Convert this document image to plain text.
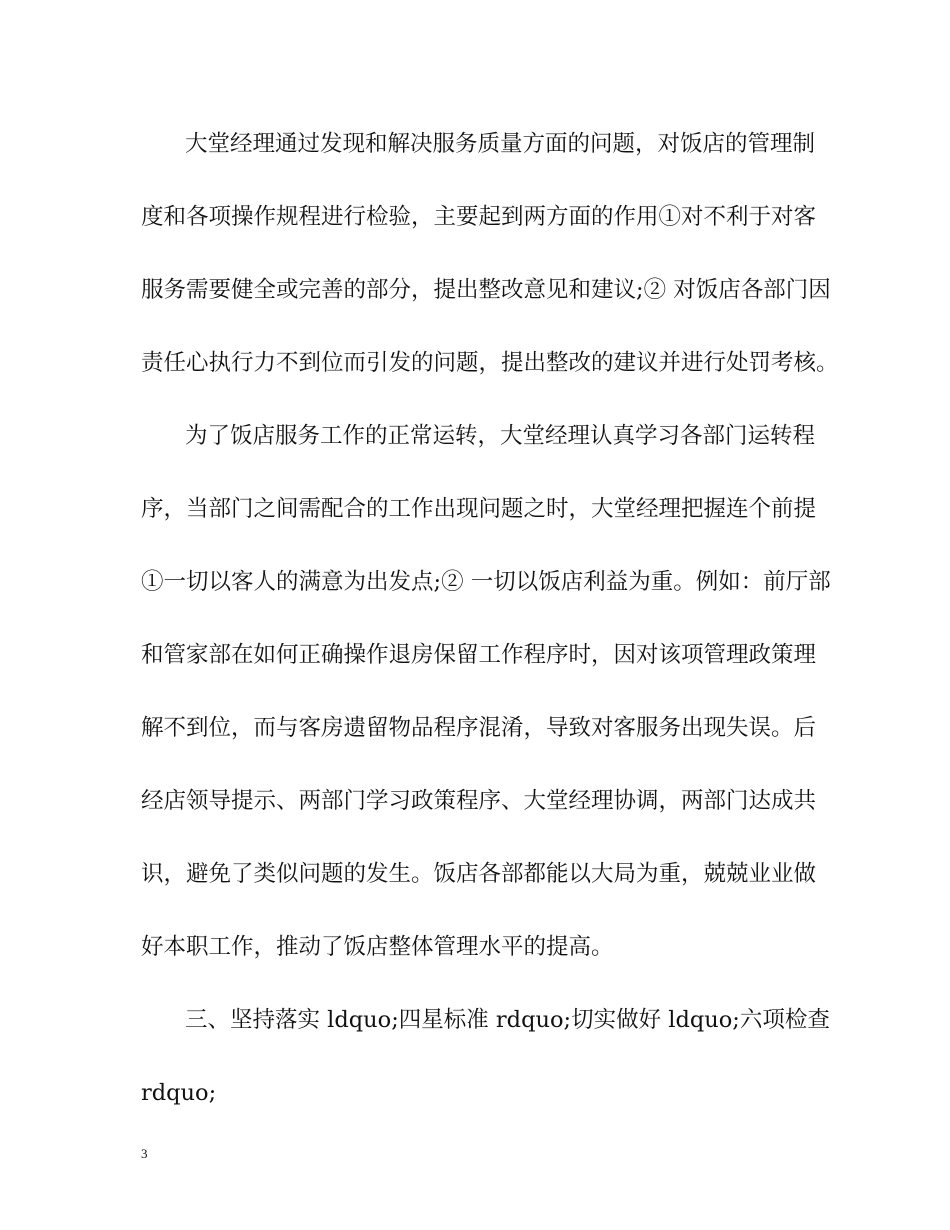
大堂经理通过发现和解决服务质量方面的问题，对饭店的管理制
度和各项操作规程进行检验，主要起到两方面的作用①对不利于对客
服务需要健全或完善的部分，提出整改意见和建议;② 对饭店各部门因
责任心执行力不到位而引发的问题，提出整改的建议并进行处罚考核。
为了饭店服务工作的正常运转，大堂经理认真学习各部门运转程
序，当部门之间需配合的工作出现问题之时，大堂经理把握连个前提
①一切以客人的满意为出发点;② 一切以饭店利益为重。例如：前厅部
和管家部在如何正确操作退房保留工作程序时，因对该项管理政策理
解不到位，而与客房遗留物品程序混淆，导致对客服务出现失误。后
经店领导提示、两部门学习政策程序、大堂经理协调，两部门达成共
识，避免了类似问题的发生。饭店各部都能以大局为重，兢兢业业做
好本职工作，推动了饭店整体管理水平的提高。
三、坚持落实 ldquo;四星标准 rdquo;切实做好 ldquo;六项检查
rdquo;
3
